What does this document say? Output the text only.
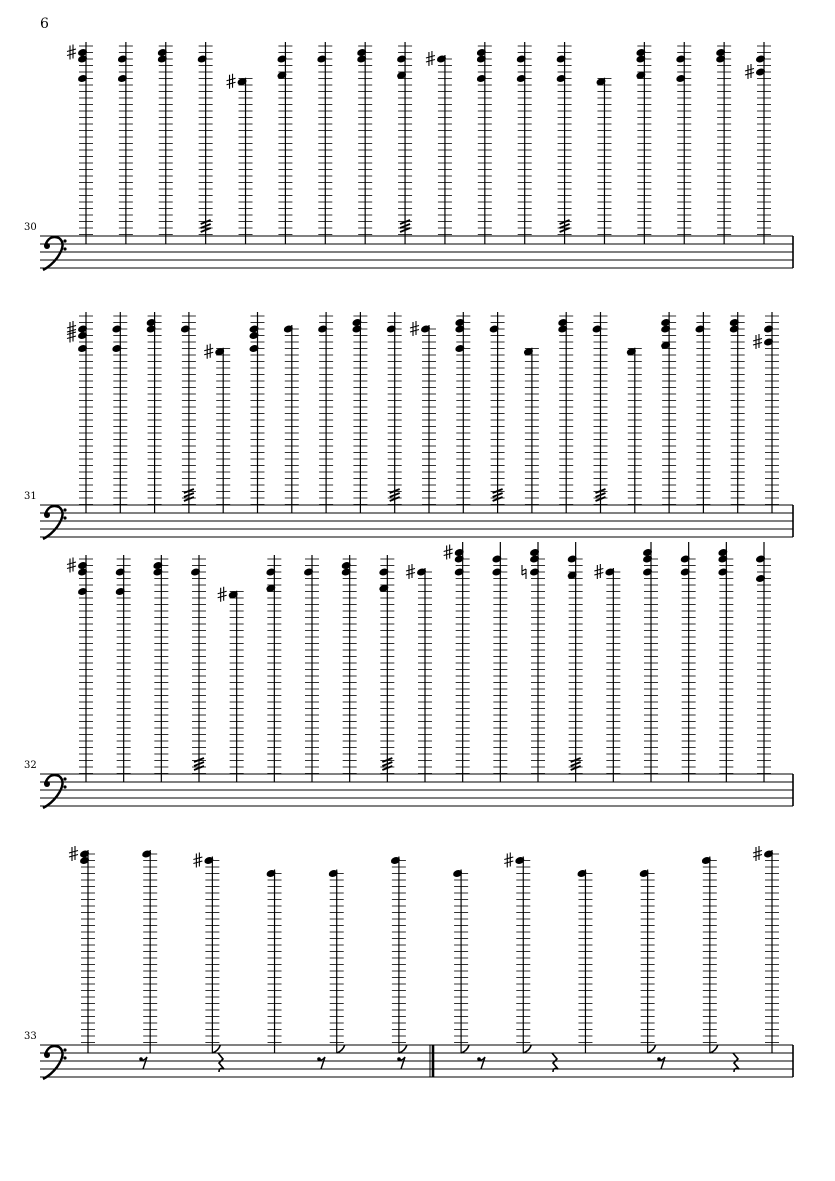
6
30
31
32
33
